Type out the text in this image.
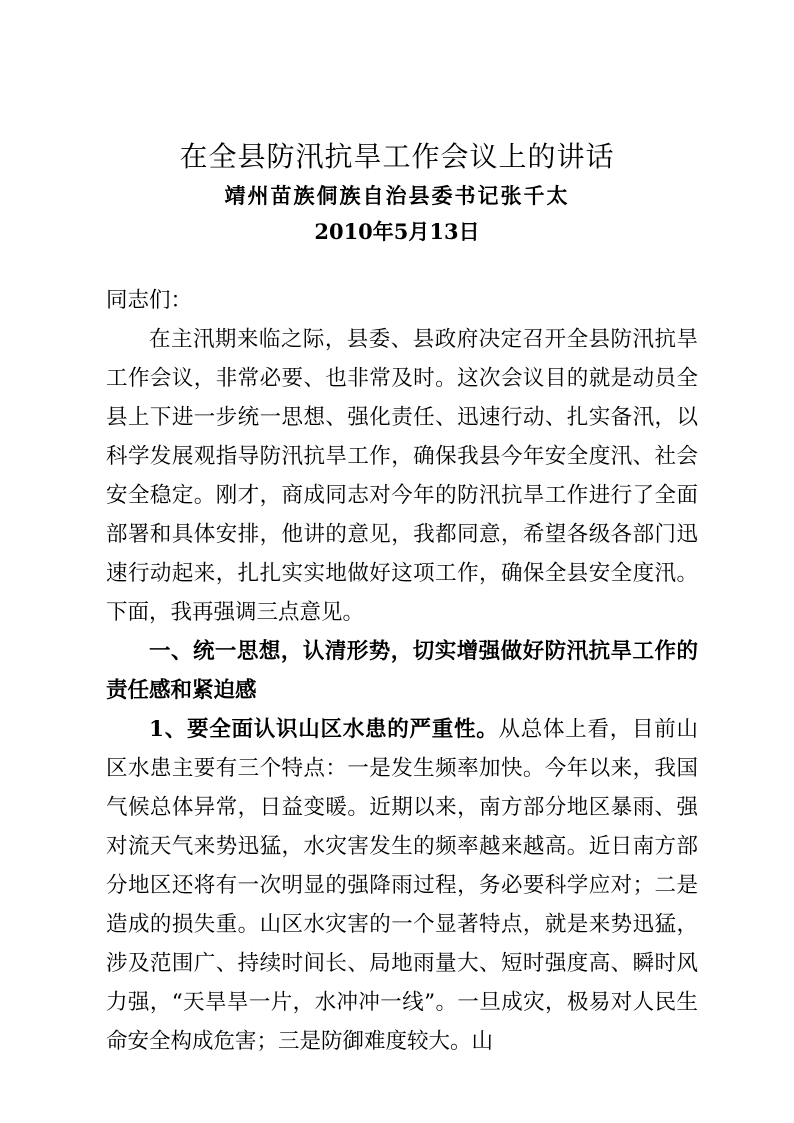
在全县防汛抗旱工作会议上的讲话
靖州苗族侗族自治县委书记张千太
2010年5月13日

同志们：

在主汛期来临之际，县委、县政府决定召开全县防汛抗旱工作会议，非常必要、也非常及时。这次会议目的就是动员全县上下进一步统一思想、强化责任、迅速行动、扎实备汛，以科学发展观指导防汛抗旱工作，确保我县今年安全度汛、社会安全稳定。刚才，商成同志对今年的防汛抗旱工作进行了全面部署和具体安排，他讲的意见，我都同意，希望各级各部门迅速行动起来，扎扎实实地做好这项工作，确保全县安全度汛。下面，我再强调三点意见。

一、统一思想，认清形势，切实增强做好防汛抗旱工作的责任感和紧迫感

1、要全面认识山区水患的严重性。从总体上看，目前山区水患主要有三个特点：一是发生频率加快。今年以来，我国气候总体异常，日益变暖。近期以来，南方部分地区暴雨、强对流天气来势迅猛，水灾害发生的频率越来越高。近日南方部分地区还将有一次明显的强降雨过程，务必要科学应对；二是造成的损失重。山区水灾害的一个显著特点，就是来势迅猛，涉及范围广、持续时间长、局地雨量大、短时强度高、瞬时风力强，“天旱旱一片，水冲冲一线”。一旦成灾，极易对人民生命安全构成危害；三是防御难度较大。山
